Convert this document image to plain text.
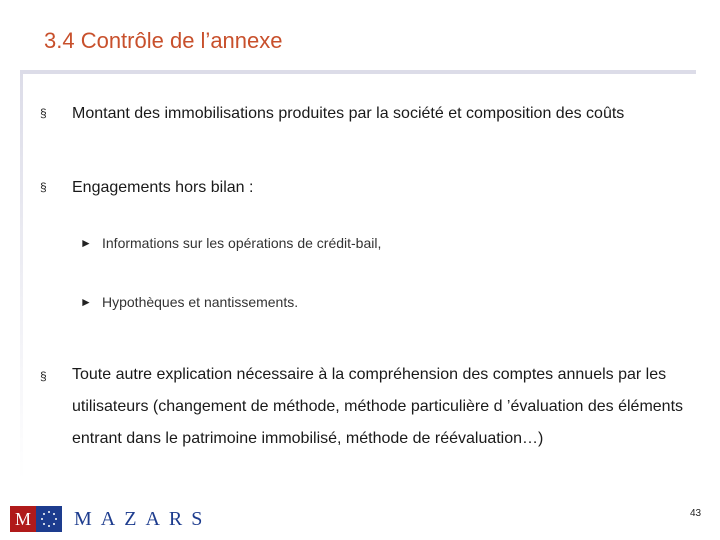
3.4 Contrôle de l’annexe
§ Montant des immobilisations produites par la société et composition des coûts
§ Engagements hors bilan :
► Informations sur les opérations de crédit-bail,
► Hypothèques et nantissements.
§ Toute autre explication nécessaire à la compréhension des comptes annuels par les utilisateurs (changement de méthode, méthode particulière d ’évaluation des éléments entrant dans le patrimoine immobilisé, méthode de réévaluation…)
M MAZARS	43
